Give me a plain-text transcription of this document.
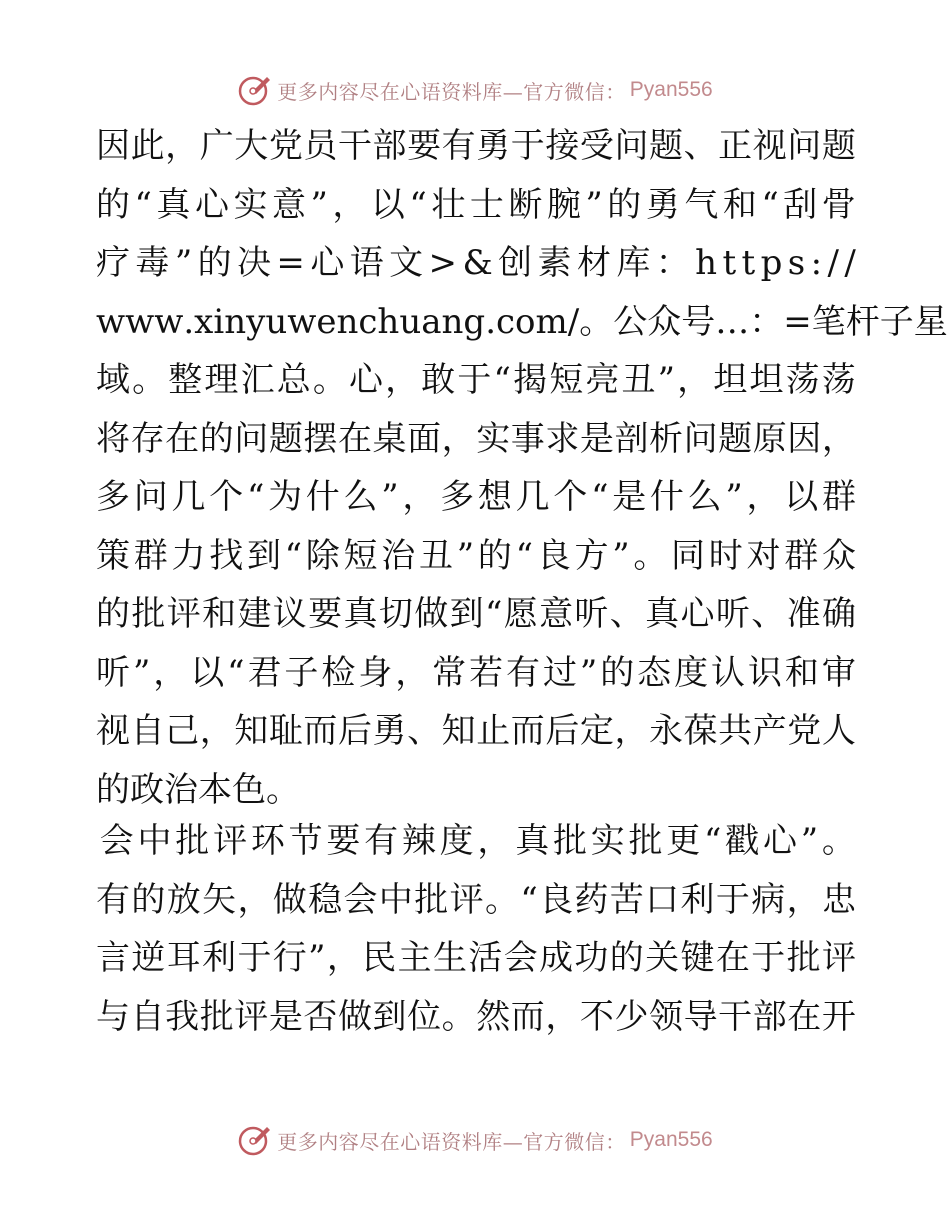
更多内容尽在心语资料库—官方微信： Pyan556
因 此 ， 广 大 党 员 干 部 要 有 勇 于 接 受 问 题 、 正 视 问 题
的 “ 真 心 实 意 ” ， 以 “ 壮 士 断 腕 ” 的 勇 气 和 “ 刮 骨
疗 毒 ” 的 决 = 心 语 文 > & 创 素 材 库 ： h t t p s : / /
w w w . x i n y u w e n c h u a n g . c o m / 。 公 众 号 … ： = 笔 杆 子 星
域 。 整 理 汇 总 。 心 ， 敢 于 “ 揭 短 亮 丑 ” ， 坦 坦 荡 荡
将 存 在 的 问 题 摆 在 桌 面 ， 实 事 求 是 剖 析 问 题 原 因 ，
多 问 几 个 “ 为 什 么 ” ， 多 想 几 个 “ 是 什 么 ” ， 以 群
策 群 力 找 到 “ 除 短 治 丑 ” 的 “ 良 方 ” 。 同 时 对 群 众
的 批 评 和 建 议 要 真 切 做 到 “ 愿 意 听 、 真 心 听 、 准 确
听 ” ， 以 “ 君 子 检 身 ， 常 若 有 过 ” 的 态 度 认 识 和 审
视 自 己 ， 知 耻 而 后 勇 、 知 止 而 后 定 ， 永 葆 共 产 党 人
的政治本色。
会 中 批 评 环 节 要 有 辣 度 ， 真 批 实 批 更 “ 戳 心 ” 。
有 的 放 矢 ， 做 稳 会 中 批 评 。 “ 良 药 苦 口 利 于 病 ， 忠
言 逆 耳 利 于 行 ” ， 民 主 生 活 会 成 功 的 关 键 在 于 批 评
与 自 我 批 评 是 否 做 到 位 。 然 而 ， 不 少 领 导 干 部 在 开
更多内容尽在心语资料库—官方微信： Pyan556
